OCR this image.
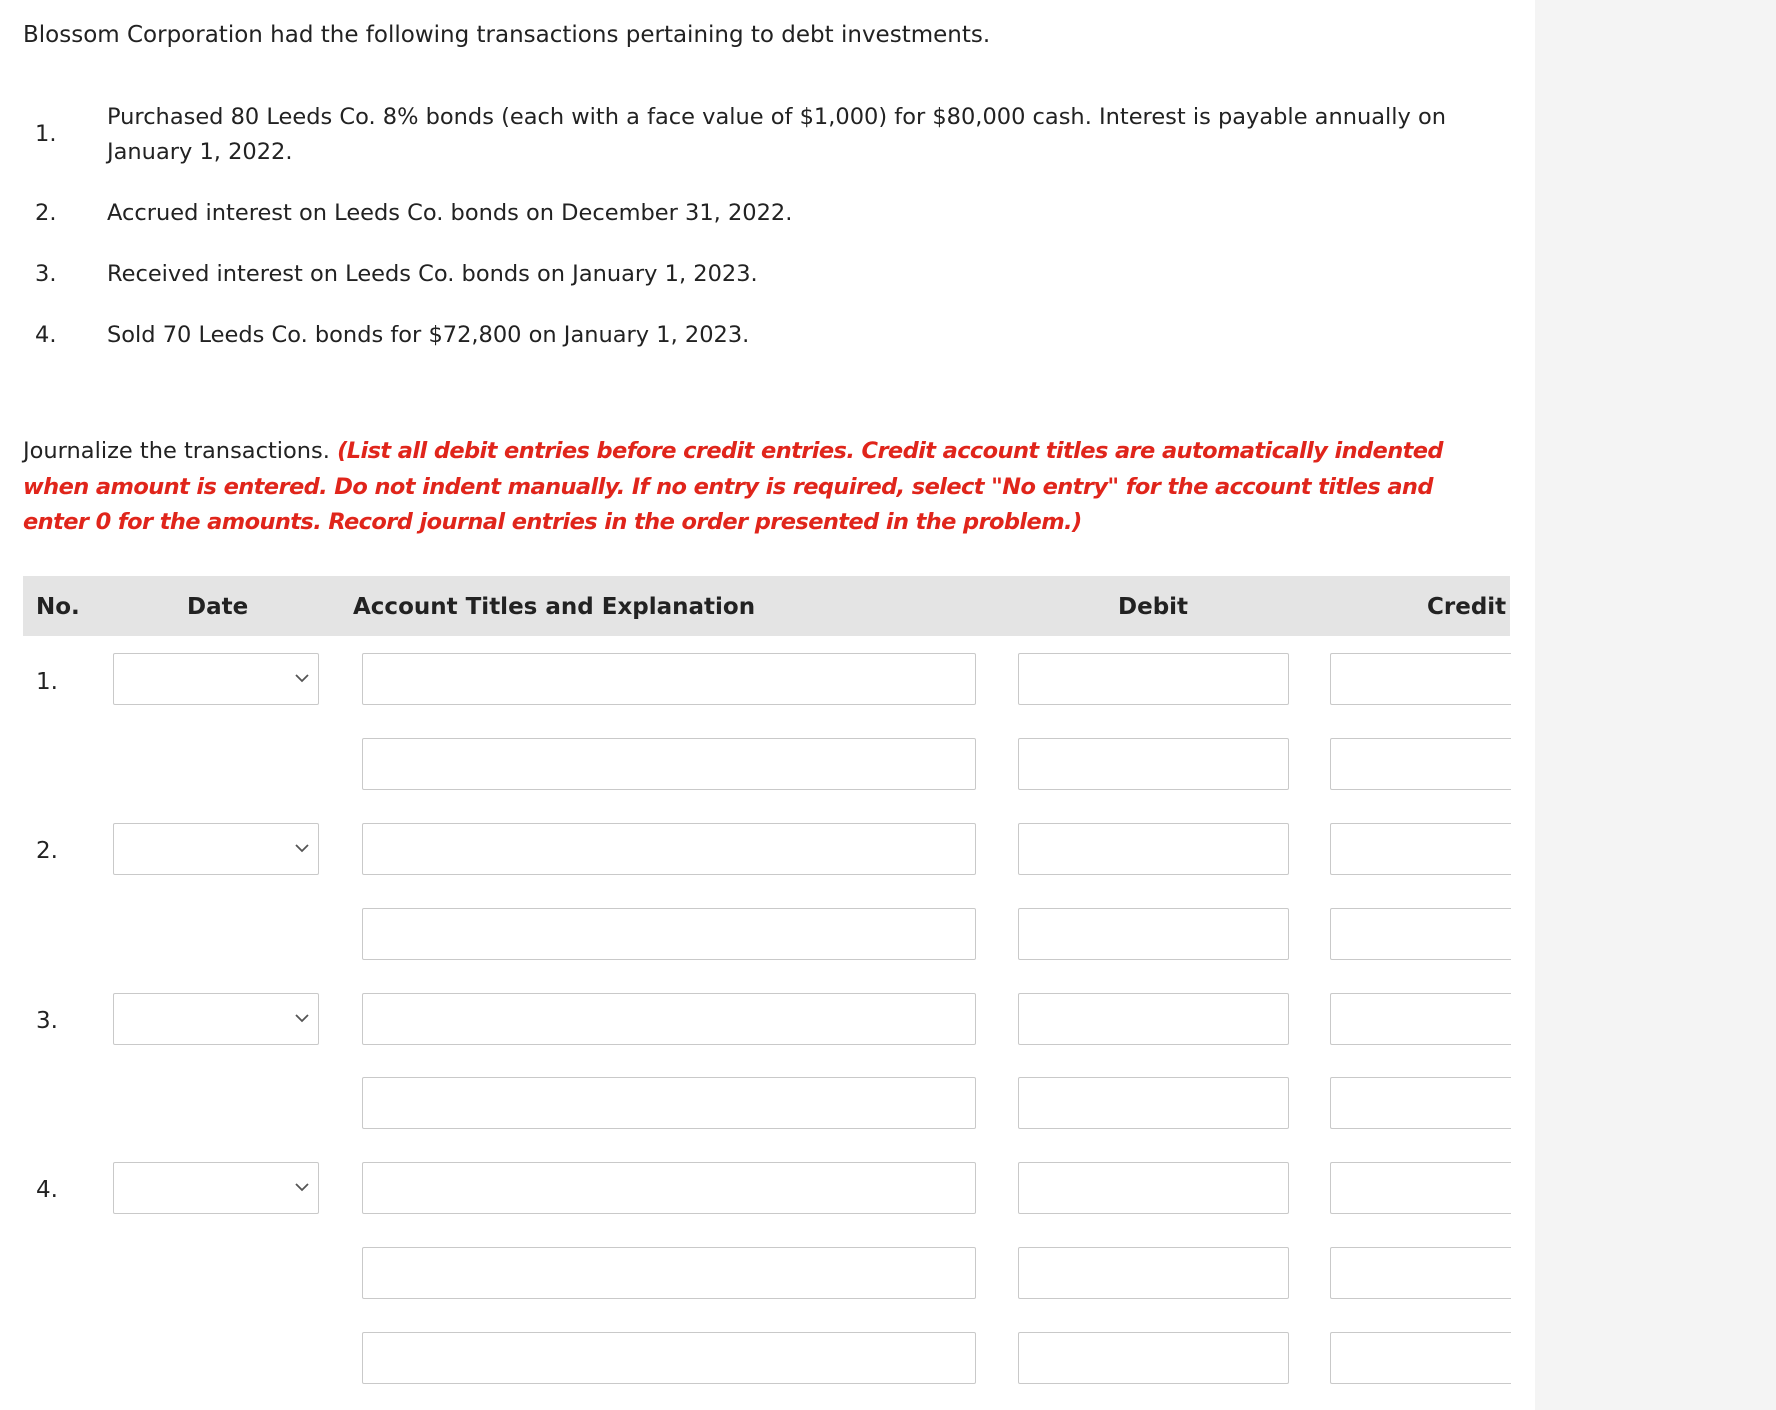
Blossom Corporation had the following transactions pertaining to debt investments.

1.
Purchased 80 Leeds Co. 8% bonds (each with a face value of $1,000) for $80,000 cash. Interest is payable annually on January 1, 2022.
2. Accrued interest on Leeds Co. bonds on December 31, 2022.
3. Received interest on Leeds Co. bonds on January 1, 2023.
4. Sold 70 Leeds Co. bonds for $72,800 on January 1, 2023.
Journalize the transactions. (List all debit entries before credit entries. Credit account titles are automatically indented when amount is entered. Do not indent manually. If no entry is required, select "No entry" for the account titles and enter 0 for the amounts. Record journal entries in the order presented in the problem.)
No.	Date	Account Titles and Explanation	Debit	Credit
1.
2.
3.
4.
